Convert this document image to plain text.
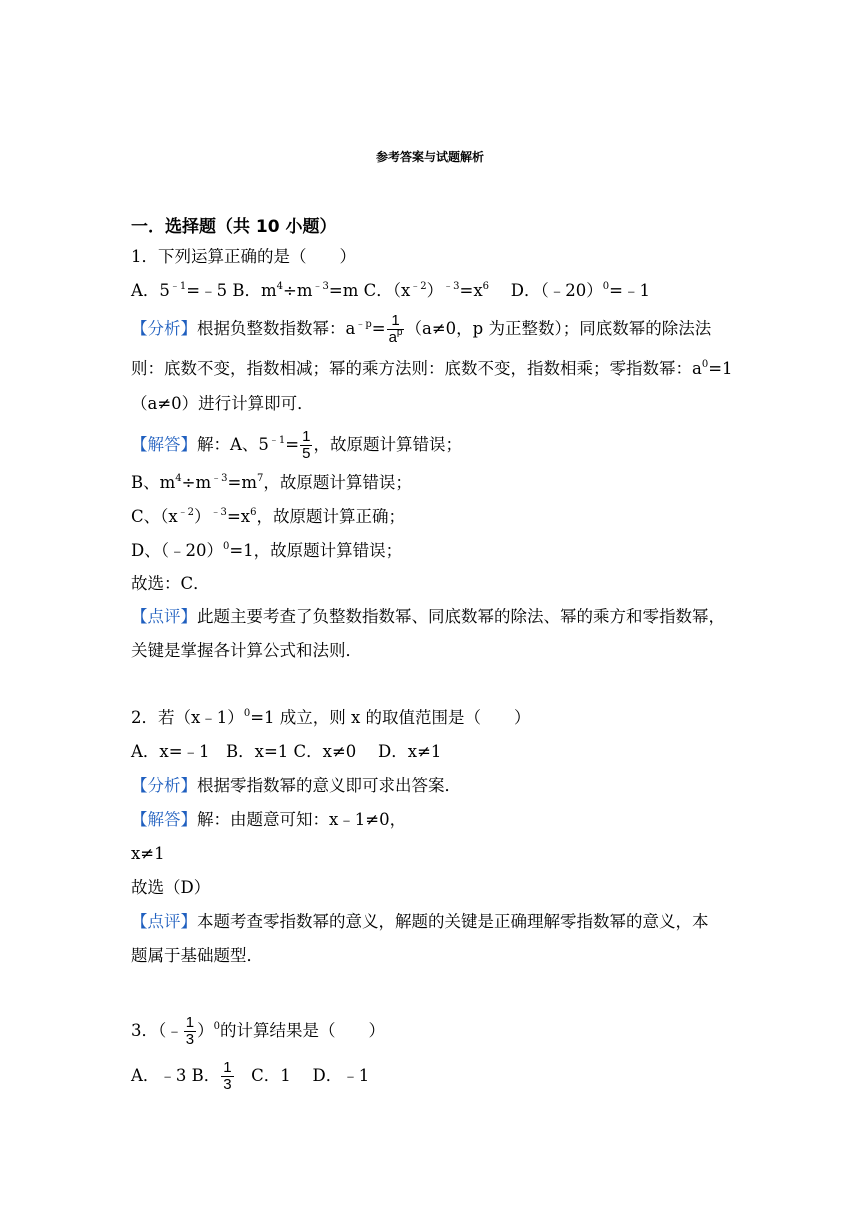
参考答案与试题解析
一．选择题（共 10 小题）
1．下列运算正确的是（　　）
A．$5^{﹣1}=﹣5$ B．$m^4\div m^{﹣3}=m$ C．$(x^{﹣2})^{﹣3}=x^6$　 D．（﹣20）$^0$=﹣1
【分析】根据负整数指数幂：$a^{﹣p}= \frac{1}{a^p} (a\ne 0$，p 为正整数）；同底数幂的除法法
则：底数不变，指数相减；幂的乘方法则：底数不变，指数相乘；零指数幂：$a^0=1$
（a≠0）进行计算即可．
【解答】解：A、$5^{﹣1}= \frac{1}{5}$ ，故原题计算错误；
B、$m^4\div m^{﹣3}=m^7$，故原题计算错误；
C、$(x^{﹣2})^{﹣3}=x^6$，故原题计算正确；
D、（﹣20）$^0$=1，故原题计算错误；
故选：C．
【点评】此题主要考查了负整数指数幂、同底数幂的除法、幂的乘方和零指数幂，
关键是掌握各计算公式和法则．
2．若（x﹣1）$^0$=1 成立，则 x 的取值范围是（　　）
A．x=﹣1　B．x=1 C．x≠0　 D．x≠1
【分析】根据零指数幂的意义即可求出答案．
【解答】解：由题意可知：x﹣1≠0，
x≠1
故选（D）
【点评】本题考查零指数幂的意义，解题的关键是正确理解零指数幂的意义，本
题属于基础题型．
3．（﹣ $\frac{1}{3} )^0$的计算结果是（　　）
A．﹣3 B． $\frac{1}{3}$ 　C．1　 D．﹣1
